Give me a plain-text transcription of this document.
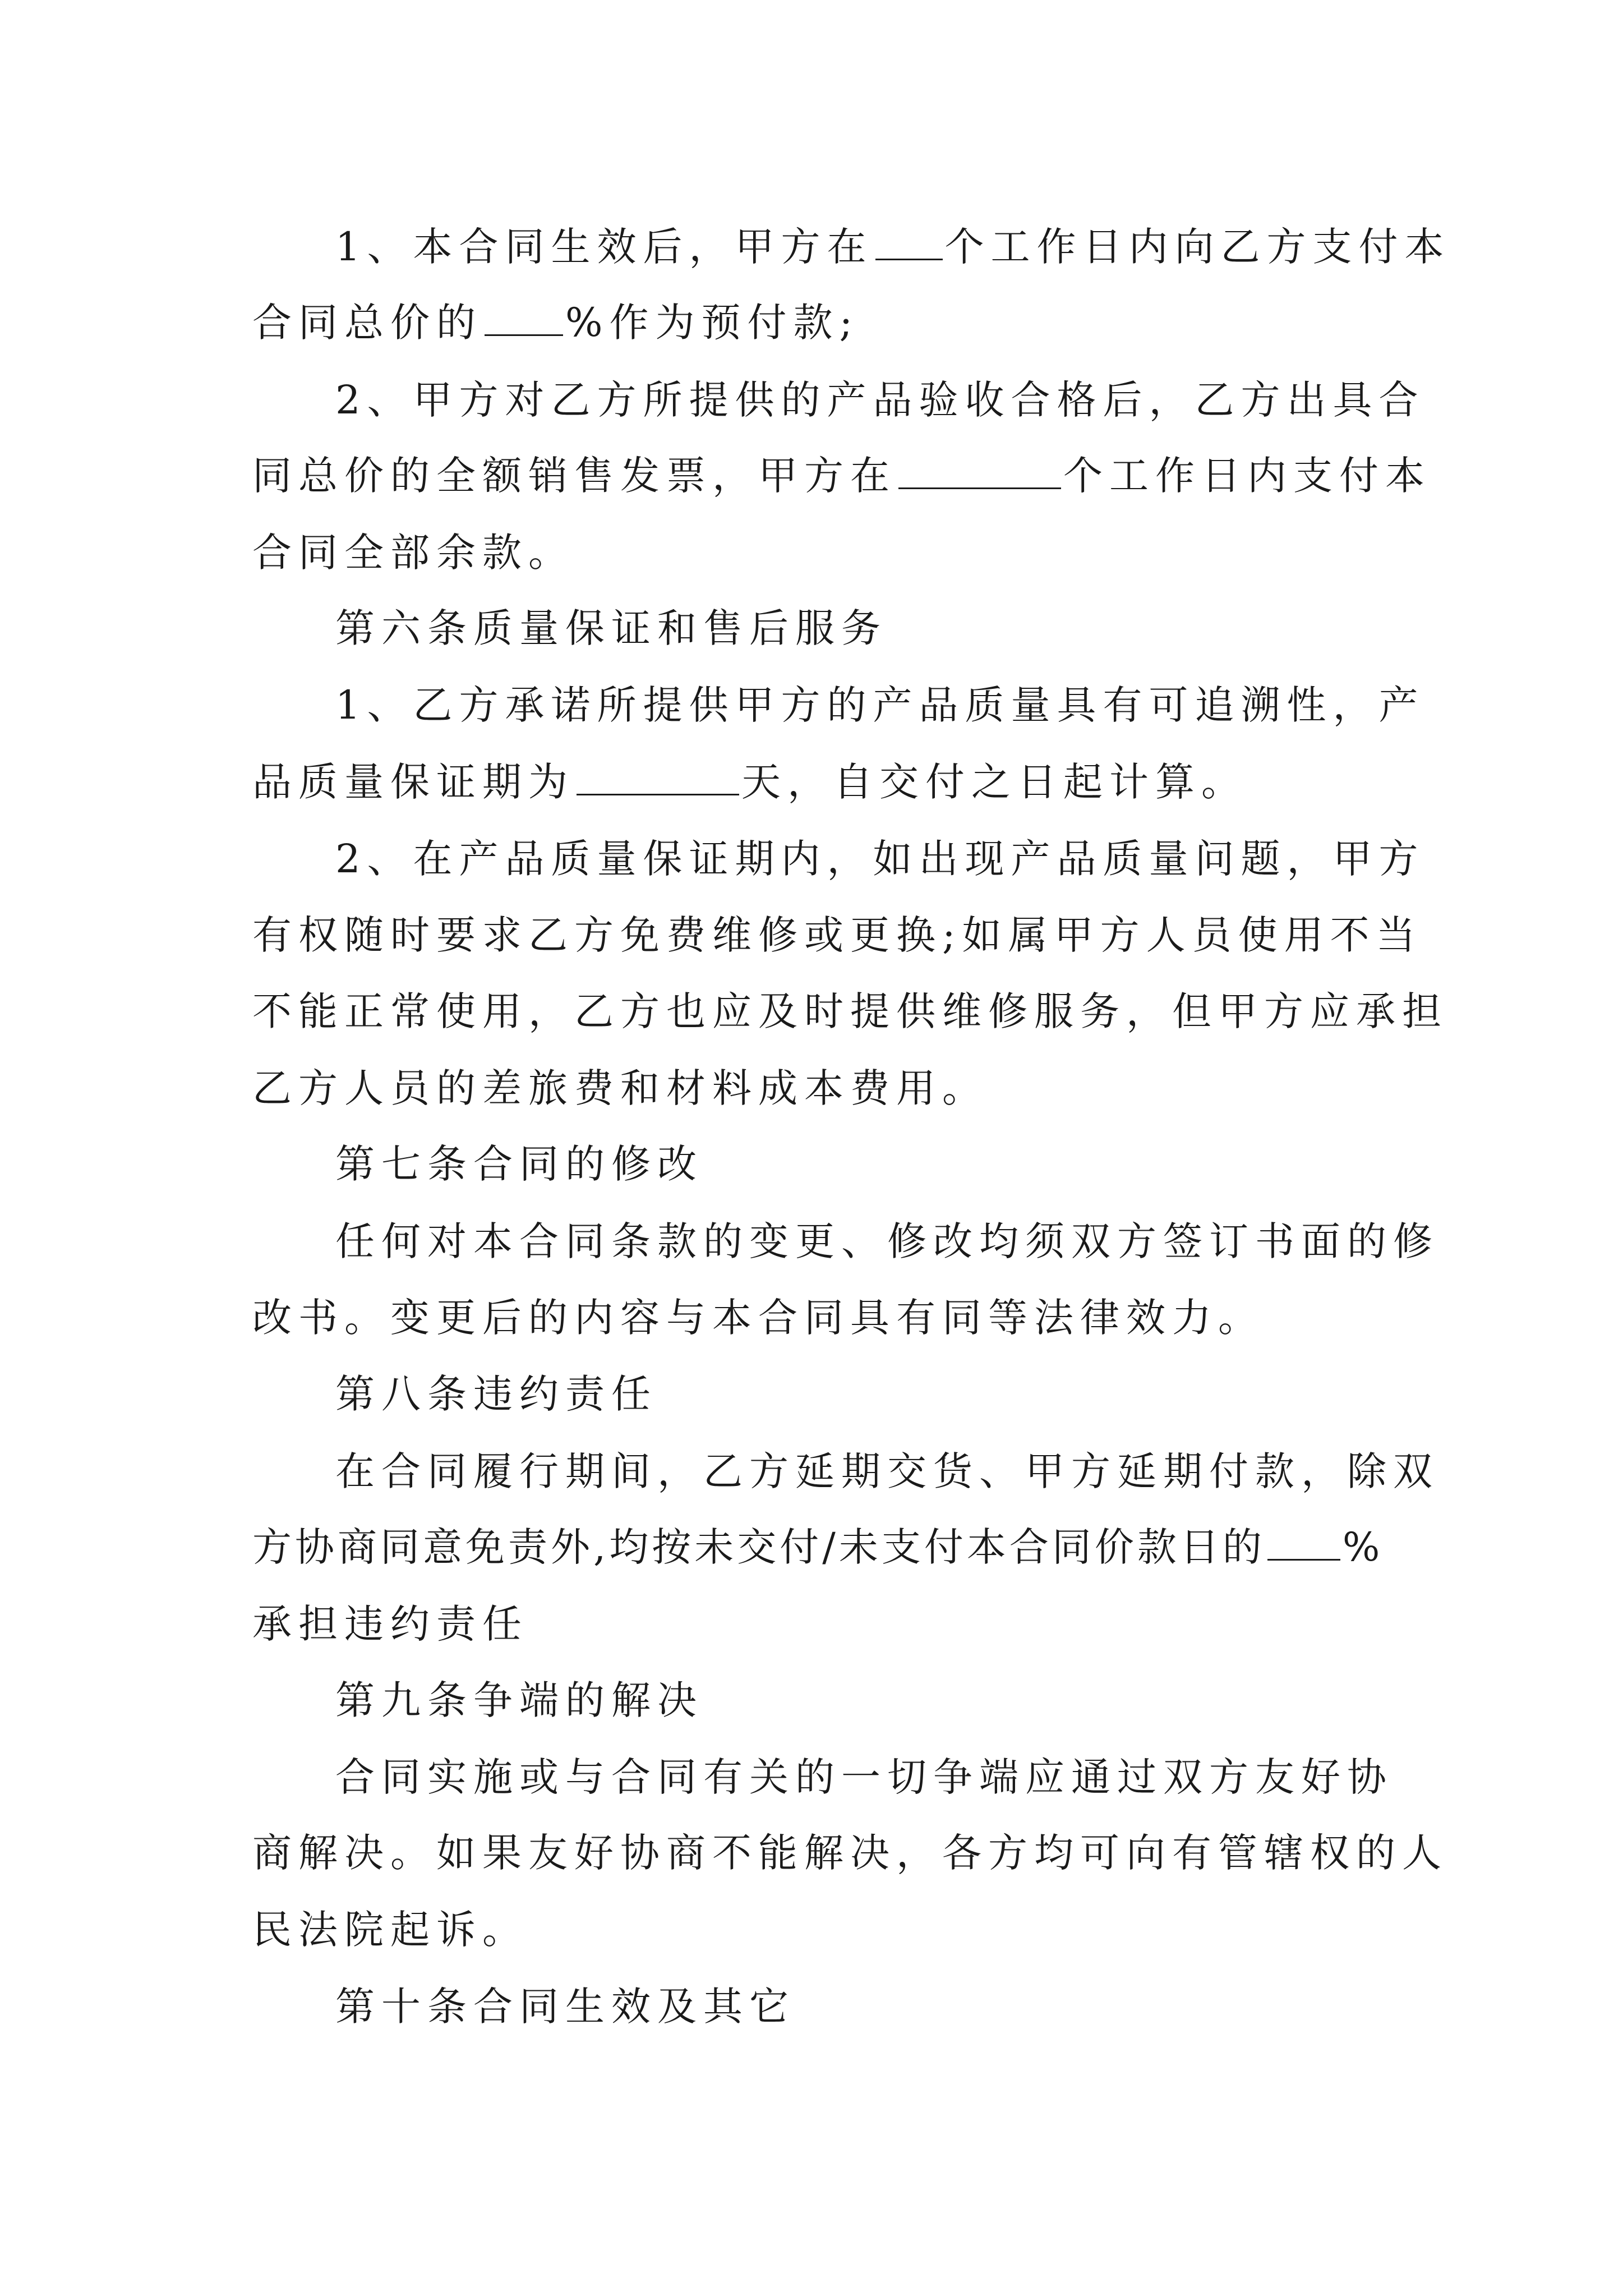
1、本合同生效后，甲方在 个工作日内向乙方支付本
合同总价的 %作为预付款;
2、甲方对乙方所提供的产品验收合格后，乙方出具合
同总价的全额销售发票，甲方在	个工作日内支付本
合同全部余款。
第六条质量保证和售后服务
1、乙方承诺所提供甲方的产品质量具有可追溯性，产
品质量保证期为	天，自交付之日起计算。
2、在产品质量保证期内，如出现产品质量问题，甲方
有权随时要求乙方免费维修或更换;如属甲方人员使用不当
不能正常使用，乙方也应及时提供维修服务，但甲方应承担
乙方人员的差旅费和材料成本费用。
第七条合同的修改
任何对本合同条款的变更、修改均须双方签订书面的修
改书。变更后的内容与本合同具有同等法律效力。
第八条违约责任
在合同履行期间，乙方延期交货、甲方延期付款，除双
方协商同意免责外,均按未交付/未支付本合同价款日的 %
承担违约责任
第九条争端的解决
合同实施或与合同有关的一切争端应通过双方友好协
商解决。如果友好协商不能解决，各方均可向有管辖权的人
民法院起诉。
第十条合同生效及其它
